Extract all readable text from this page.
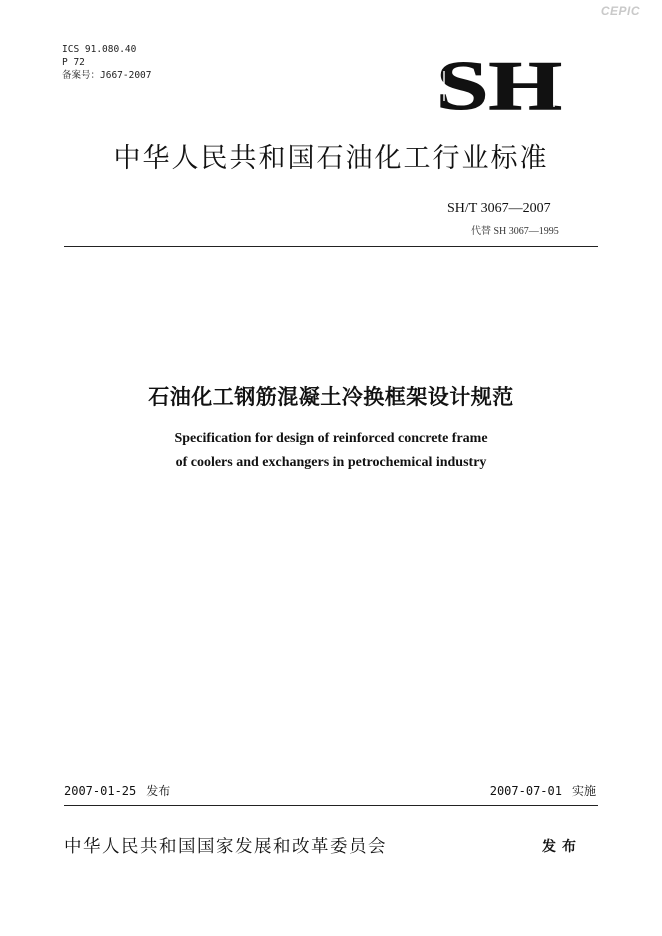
CEPIC
ICS 91.080.40
P 72
备案号：J667-2007	SH
中华人民共和国石油化工行业标准
SH/T 3067—2007
代替 SH 3067—1995
石油化工钢筋混凝土冷换框架设计规范
Specification for design of reinforced concrete frame
of coolers and exchangers in petrochemical industry
2007-01-25 发布	2007-07-01 实施
中华人民共和国国家发展和改革委员会	发布
